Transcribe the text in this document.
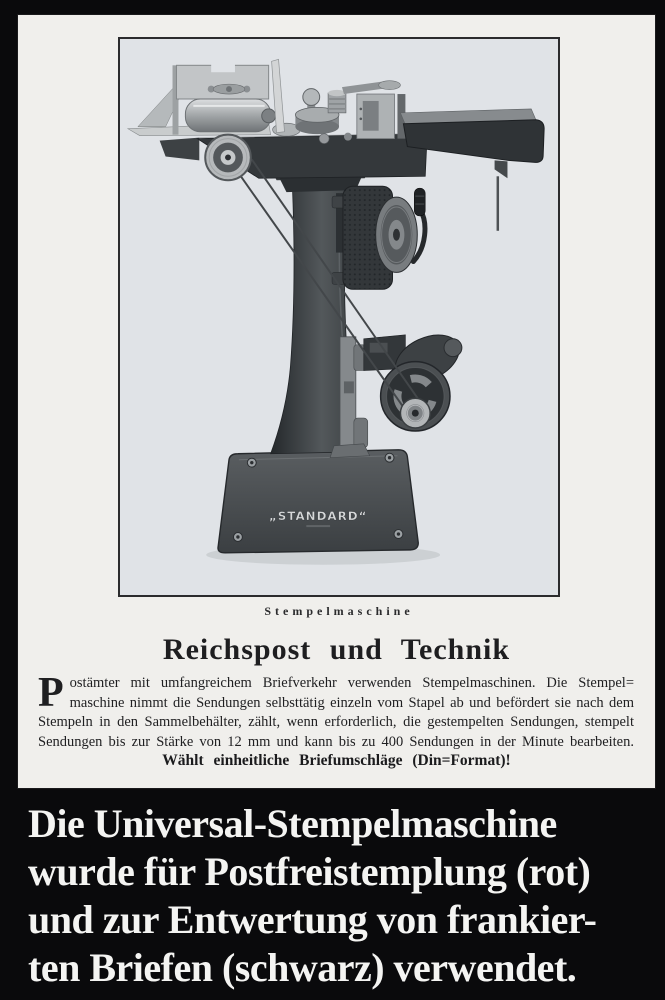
„STANDARD“
Stempelmaschine
Reichspost und Technik
P ostämter mit umfangreichem Briefverkehr verwenden Stempelmaschinen. Die Stempel=
maschine nimmt die Sendungen selbsttätig einzeln vom Stapel ab und befördert sie nach dem
Stempeln in den Sammelbehälter, zählt, wenn erforderlich, die gestempelten Sendungen, stempelt
Sendungen bis zur Stärke von 12 mm und kann bis zu 400 Sendungen in der Minute bearbeiten.
Wählt einheitliche Briefumschläge (Din=Format)!
Die Universal-Stempelmaschine
wurde für Postfreistemplung (rot)
und zur Entwertung von frankier-
ten Briefen (schwarz) verwendet.
